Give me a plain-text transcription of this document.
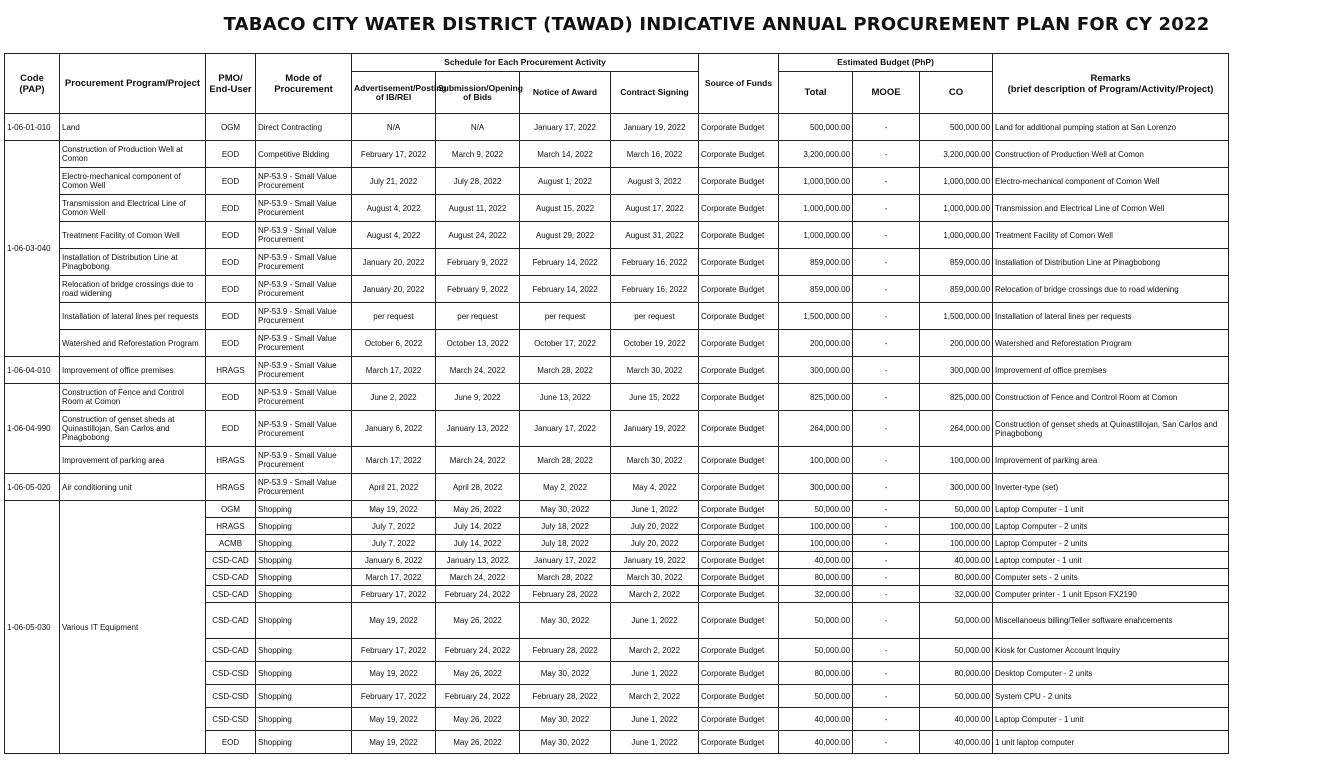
TABACO CITY WATER DISTRICT (TAWAD) INDICATIVE ANNUAL PROCUREMENT PLAN FOR CY 2022
Code (PAP)	Procurement Program/Project	PMO/ End-User	Mode of Procurement	Schedule for Each Procurement Activity				Source of Funds	Estimated Budget (PhP)			Remarks
(brief description of Program/Activity/Project)

				Advertisement/Posting of IB/REI	Submission/Opening of Bids	Notice of Award	Contract Signing		Total	MOOE	CO	
1-06-01-010	Land	OGM	Direct Contracting	N/A	N/A	January 17, 2022	January 19, 2022	Corporate Budget	500,000.00	-	500,000.00	Land for additional pumping station at San Lorenzo
1-06-03-040	Construction of Production Well at Comon	EOD	Competitive Bidding	February 17, 2022	March 9, 2022	March 14, 2022	March 16, 2022	Corporate Budget	3,200,000.00	-	3,200,000.00	Construction of Production Well at Comon
	Electro-mechanical component of Comon Well	EOD	NP-53.9 - Small Value Procurement	July 21, 2022	July 28, 2022	August 1, 2022	August 3, 2022	Corporate Budget	1,000,000.00	-	1,000,000.00	Electro-mechanical component of Comon Well
	Transmission and Electrical Line of Comon Well	EOD	NP-53.9 - Small Value Procurement	August 4, 2022	August 11, 2022	August 15, 2022	August 17, 2022	Corporate Budget	1,000,000.00	-	1,000,000.00	Transmission and Electrical Line of Comon Well
	Treatment Facility of Comon Well	EOD	NP-53.9 - Small Value Procurement	August 4, 2022	August 24, 2022	August 29, 2022	August 31, 2022	Corporate Budget	1,000,000.00	-	1,000,000.00	Treatment Facility of Comon Well
	Installation of Distribution Line at Pinagbobong	EOD	NP-53.9 - Small Value Procurement	January 20, 2022	February 9, 2022	February 14, 2022	February 16, 2022	Corporate Budget	859,000.00	-	859,000.00	Installation of Distribution Line at Pinagbobong
	Relocation of bridge crossings due to road widening	EOD	NP-53.9 - Small Value Procurement	January 20, 2022	February 9, 2022	February 14, 2022	February 16, 2022	Corporate Budget	859,000.00	-	859,000.00	Relocation of bridge crossings due to road widening
	Installation of lateral lines per requests	EOD	NP-53.9 - Small Value Procurement	per request	per request	per request	per request	Corporate Budget	1,500,000.00	-	1,500,000.00	Installation of lateral lines per requests
	Watershed and Reforestation Program	EOD	NP-53.9 - Small Value Procurement	October 6, 2022	October 13, 2022	October 17, 2022	October 19, 2022	Corporate Budget	200,000.00	-	200,000.00	Watershed and Reforestation Program
1-06-04-010	Improvement of office premises	HRAGS	NP-53.9 - Small Value Procurement	March 17, 2022	March 24, 2022	March 28, 2022	March 30, 2022	Corporate Budget	300,000.00	-	300,000.00	Improvement of office premises
1-06-04-990	Construction of Fence and Control Room at Comon	EOD	NP-53.9 - Small Value Procurement	June 2, 2022	June 9, 2022	June 13, 2022	June 15, 2022	Corporate Budget	825,000.00	-	825,000.00	Construction of Fence and Control Room at Comon
	Construction of genset sheds at Quinastillojan, San Carlos and Pinagbobong	EOD	NP-53.9 - Small Value Procurement	January 6, 2022	January 13, 2022	January 17, 2022	January 19, 2022	Corporate Budget	264,000.00	-	264,000.00	Construction of genset sheds at Quinastillojan, San Carlos and Pinagbobong
	Improvement of parking area	HRAGS	NP-53.9 - Small Value Procurement	March 17, 2022	March 24, 2022	March 28, 2022	March 30, 2022	Corporate Budget	100,000.00	-	100,000.00	Improvement of parking area
1-06-05-020	Air conditioning unit	HRAGS	NP-53.9 - Small Value Procurement	April 21, 2022	April 28, 2022	May 2, 2022	May 4, 2022	Corporate Budget	300,000.00	-	300,000.00	Inverter-type (set)
1-06-05-030	Various IT Equipment	OGM	Shopping	May 19, 2022	May 26, 2022	May 30, 2022	June 1, 2022	Corporate Budget	50,000.00	-	50,000.00	Laptop Computer - 1 unit
		HRAGS	Shopping	July 7, 2022	July 14, 2022	July 18, 2022	July 20, 2022	Corporate Budget	100,000.00	-	100,000.00	Laptop Computer - 2 units
		ACMB	Shopping	July 7, 2022	July 14, 2022	July 18, 2022	July 20, 2022	Corporate Budget	100,000.00	-	100,000.00	Laptop Computer - 2 units
		CSD-CAD	Shopping	January 6, 2022	January 13, 2022	January 17, 2022	January 19, 2022	Corporate Budget	40,000.00	-	40,000.00	Laptop computer - 1 unit
		CSD-CAD	Shopping	March 17, 2022	March 24, 2022	March 28, 2022	March 30, 2022	Corporate Budget	80,000.00	-	80,000.00	Computer sets - 2 units
		CSD-CAD	Shopping	February 17, 2022	February 24, 2022	February 28, 2022	March 2, 2022	Corporate Budget	32,000.00	-	32,000.00	Computer printer - 1 unit Epson FX2190
		CSD-CAD	Shopping	May 19, 2022	May 26, 2022	May 30, 2022	June 1, 2022	Corporate Budget	50,000.00	-	50,000.00	Miscellanoeus billing/Teller software enahcements
		CSD-CAD	Shopping	February 17, 2022	February 24, 2022	February 28, 2022	March 2, 2022	Corporate Budget	50,000.00	-	50,000.00	Kiosk for Customer Account Inquiry
		CSD-CSD	Shopping	May 19, 2022	May 26, 2022	May 30, 2022	June 1, 2022	Corporate Budget	80,000.00	-	80,000.00	Desktop Computer - 2 units
		CSD-CSD	Shopping	February 17, 2022	February 24, 2022	February 28, 2022	March 2, 2022	Corporate Budget	50,000.00	-	50,000.00	System CPU - 2 units
		CSD-CSD	Shopping	May 19, 2022	May 26, 2022	May 30, 2022	June 1, 2022	Corporate Budget	40,000.00	-	40,000.00	Laptop Computer - 1 unit
		EOD	Shopping	May 19, 2022	May 26, 2022	May 30, 2022	June 1, 2022	Corporate Budget	40,000.00	-	40,000.00	1 unit laptop computer
